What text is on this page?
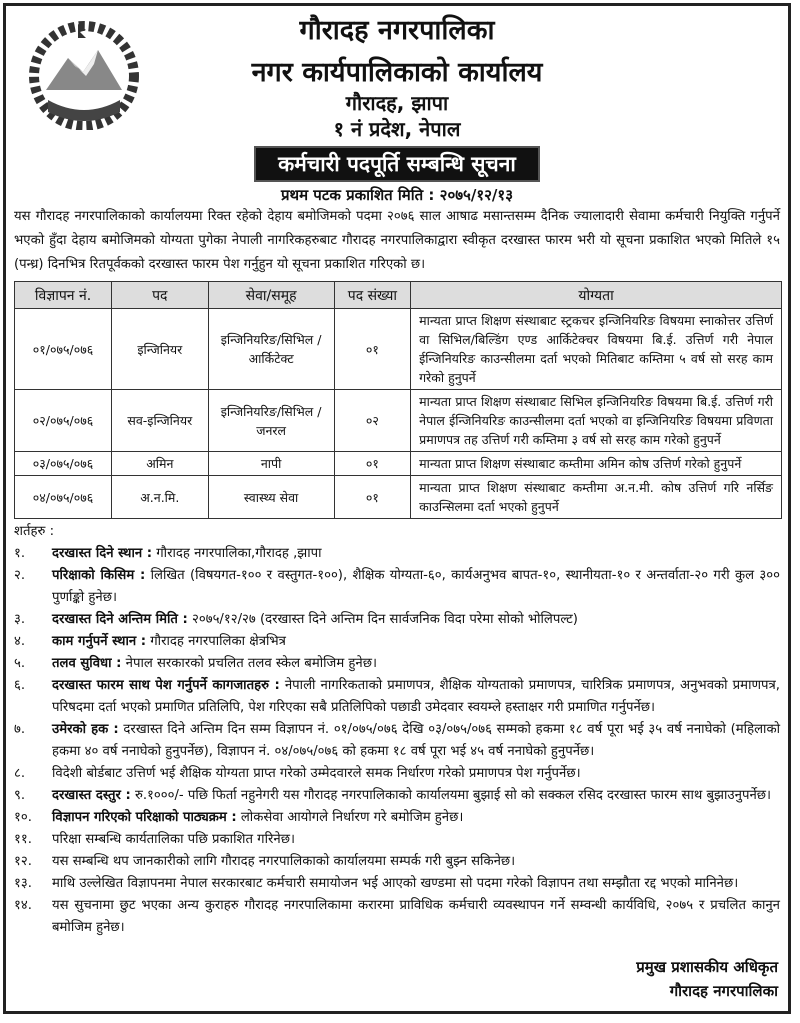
गौरादह नगरपालिका
नगर कार्यपालिकाको कार्यालय
गौरादह, झापा
१ नं प्रदेश, नेपाल
कर्मचारी पदपूर्ति सम्बन्धि सूचना
प्रथम पटक प्रकाशित मिति : २०७५/१२/१३
यस गौरादह नगरपालिकाको कार्यालयमा रिक्त रहेको देहाय बमोजिमको पदमा २०७६ साल आषाढ मसान्तसम्म दैनिक ज्यालादारी सेवामा कर्मचारी नियुक्ति गर्नुपर्ने भएको हुँदा देहाय बमोजिमको योग्यता पुगेका नेपाली नागरिकहरुबाट गौरादह नगरपालिकाद्वारा स्वीकृत दरखास्त फारम भरी यो सूचना प्रकाशित भएको मितिले १५ (पन्ध्र) दिनभित्र रितपूर्वकको दरखास्त फारम पेश गर्नुहुन यो सूचना प्रकाशित गरिएको छ।
विज्ञापन नं.	पद	सेवा/समूह	पद संख्या	योग्यता
०१/०७५/०७६	इन्जिनियर	इन्जिनियरिङ/सिभिल /आर्किटेक्ट	०१	मान्यता प्राप्त शिक्षण संस्थाबाट स्ट्रकचर इन्जिनियरिङ विषयमा स्नाकोत्तर उत्तिर्ण वा सिभिल/बिल्डिंग एण्ड आर्किटेक्चर विषयमा बि.ई. उत्तिर्ण गरी नेपाल ईन्जिनियरिङ काउन्सीलमा दर्ता भएको मितिबाट कम्तिमा ५ वर्ष सो सरह काम गरेको हुनुपर्ने
०२/०७५/०७६	सव-इन्जिनियर	इन्जिनियरिङ/सिभिल /जनरल	०२	मान्यता प्राप्त शिक्षण संस्थाबाट सिभिल इन्जिनियरिङ विषयमा बि.ई. उत्तिर्ण गरी नेपाल ईन्जिनियरिङ काउन्सीलमा दर्ता भएको वा इन्जिनियरिङ विषयमा प्रविणता प्रमाणपत्र तह उत्तिर्ण गरी कम्तिमा ३ वर्ष सो सरह काम गरेको हुनुपर्ने
०३/०७५/०७६	अमिन	नापी	०१	मान्यता प्राप्त शिक्षण संस्थाबाट कम्तीमा अमिन कोष उत्तिर्ण गरेको हुनुपर्ने
०४/०७५/०७६	अ.न.मि.	स्वास्थ्य सेवा	०१	मान्यता प्राप्त शिक्षण संस्थाबाट कम्तीमा अ.न.मी. कोष उत्तिर्ण गरि नर्सिङ काउन्सिलमा दर्ता भएको हुनुपर्ने
शर्तहरु :
१.	दरखास्त दिने स्थान : गौरादह नगरपालिका,गौरादह ,झापा
२.	परिक्षाको किसिम : लिखित (विषयगत-१०० र वस्तुगत-१००), शैक्षिक योग्यता-६०, कार्यअनुभव बापत-१०, स्थानीयता-१० र अन्तर्वाता-२० गरी कुल ३०० पुर्णाङ्को हुनेछ।
३.	दरखास्त दिने अन्तिम मिति : २०७५/१२/२७ (दरखास्त दिने अन्तिम दिन सार्वजनिक विदा परेमा सोको भोलिपल्ट)
४.	काम गर्नुपर्ने स्थान : गौरादह नगरपालिका क्षेत्रभित्र
५.	तलव सुविधा : नेपाल सरकारको प्रचलित तलव स्केल बमोजिम हुनेछ।
६.	दरखास्त फारम साथ पेश गर्नुपर्ने कागजातहरु : नेपाली नागरिकताको प्रमाणपत्र, शैक्षिक योग्यताको प्रमाणपत्र, चारित्रिक प्रमाणपत्र, अनुभवको प्रमाणपत्र, परिषदमा दर्ता भएको प्रमाणित प्रतिलिपि, पेश गरिएका सबै प्रतिलिपिको पछाडी उमेदवार स्वयम्ले हस्ताक्षर गरी प्रमाणित गर्नुपर्नेछ।
७.	उमेरको हक : दरखास्त दिने अन्तिम दिन सम्म विज्ञापन नं. ०१/०७५/०७६ देखि ०३/०७५/०७६ सम्मको हकमा १८ वर्ष पूरा भई ३५ वर्ष ननाघेको (महिलाको हकमा ४० वर्ष ननाघेको हुनुपर्नेछ), विज्ञापन नं. ०४/०७५/०७६ को हकमा १८ वर्ष पूरा भई ४५ वर्ष ननाघेको हुनुपर्नेछ।
८.	विदेशी बोर्डबाट उत्तिर्ण भई शैक्षिक योग्यता प्राप्त गरेको उम्मेदवारले समक निर्धारण गरेको प्रमाणपत्र पेश गर्नुपर्नेछ।
९.	दरखास्त दस्तुर : रु.१०००/- पछि फिर्ता नहुनेगरी यस गौरादह नगरपालिकाको कार्यालयमा बुझाई सो को सक्कल रसिद दरखास्त फारम साथ बुझाउनुपर्नेछ।
१०.	विज्ञापन गरिएको परिक्षाको पाठ्यक्रम : लोकसेवा आयोगले निर्धारण गरे बमोजिम हुनेछ।
११.	परिक्षा सम्बन्धि कार्यतालिका पछि प्रकाशित गरिनेछ।
१२.	यस सम्बन्धि थप जानकारीको लागि गौरादह नगरपालिकाको कार्यालयमा सम्पर्क गरी बुझ्न सकिनेछ।
१३.	माथि उल्लेखित विज्ञापनमा नेपाल सरकारबाट कर्मचारी समायोजन भई आएको खण्डमा सो पदमा गरेको विज्ञापन तथा सम्झौता रद्द भएको मानिनेछ।
१४.	यस सुचनामा छुट भएका अन्य कुराहरु गौरादह नगरपालिकामा करारमा प्राविधिक कर्मचारी व्यवस्थापन गर्ने सम्वन्धी कार्यविधि, २०७५ र प्रचलित कानुन बमोजिम हुनेछ।
प्रमुख प्रशासकीय अधिकृत
गौरादह नगरपालिका
